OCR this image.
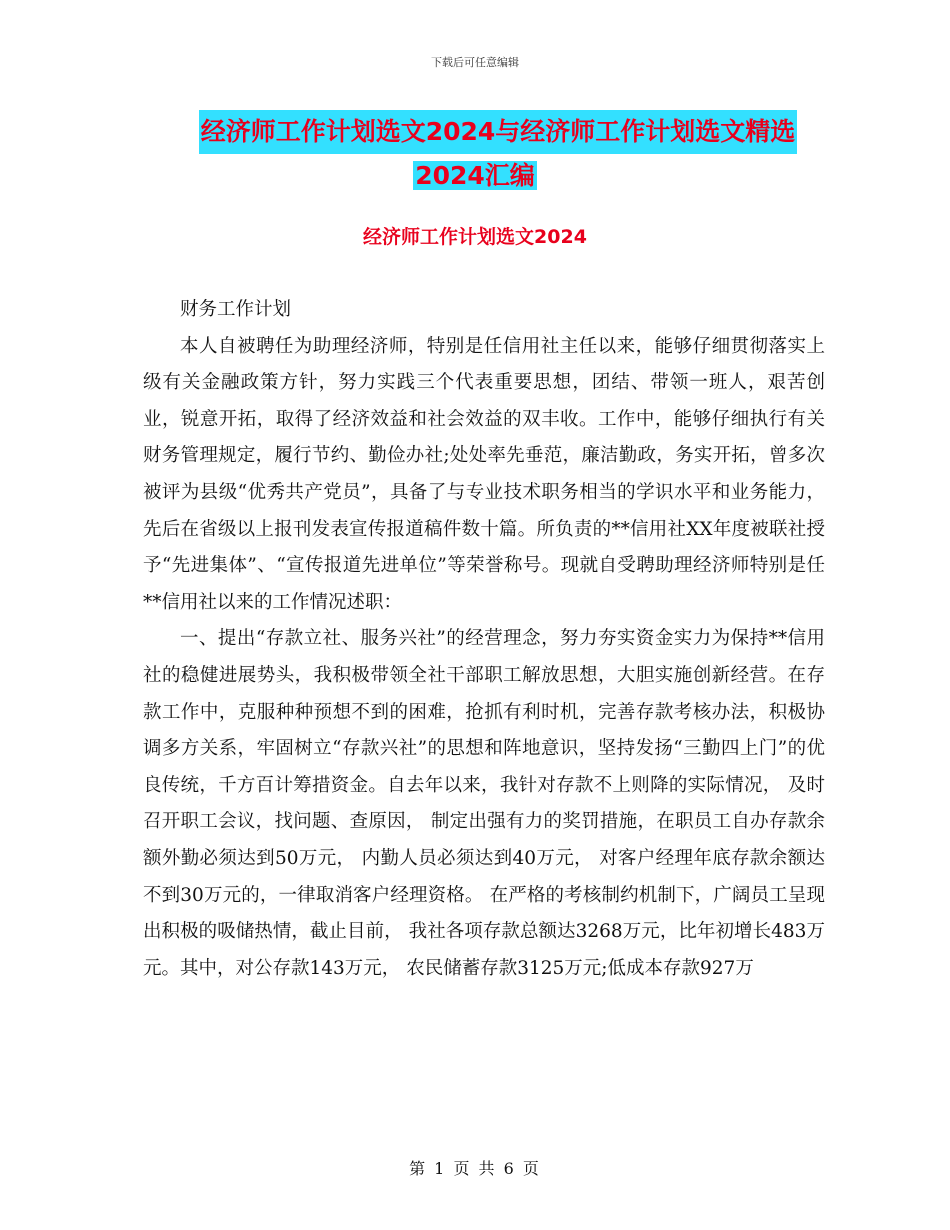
下载后可任意编辑
经济师工作计划选文2024与经济师工作计划选文精选
2024汇编
经济师工作计划选文2024

财务工作计划

本人自被聘任为助理经济师，特别是任信用社主任以来，能够仔细贯彻落实上级有关金融政策方针，努力实践三个代表重要思想，团结、带领一班人，艰苦创业，锐意开拓，取得了经济效益和社会效益的双丰收。工作中，能够仔细执行有关财务管理规定，履行节约、勤俭办社;处处率先垂范，廉洁勤政，务实开拓，曾多次被评为县级“优秀共产党员”，具备了与专业技术职务相当的学识水平和业务能力，先后在省级以上报刊发表宣传报道稿件数十篇。所负责的**信用社XX年度被联社授予“先进集体”、“宣传报道先进单位”等荣誉称号。现就自受聘助理经济师特别是任**信用社以来的工作情况述职：

一、提出“存款立社、服务兴社”的经营理念，努力夯实资金实力为保持**信用社的稳健进展势头，我积极带领全社干部职工解放思想，大胆实施创新经营。在存款工作中，克服种种预想不到的困难，抢抓有利时机，完善存款考核办法，积极协调多方关系，牢固树立“存款兴社”的思想和阵地意识，坚持发扬“三勤四上门”的优良传统，千方百计筹措资金。自去年以来，我针对存款不上则降的实际情况， 及时召开职工会议，找问题、查原因， 制定出强有力的奖罚措施，在职员工自办存款余额外勤必须达到50万元， 内勤人员必须达到40万元， 对客户经理年底存款余额达不到30万元的，一律取消客户经理资格。 在严格的考核制约机制下，广阔员工呈现出积极的吸储热情，截止目前， 我社各项存款总额达3268万元，比年初增长483万元。其中，对公存款143万元， 农民储蓄存款3125万元;低成本存款927万

第 1 页 共 6 页
